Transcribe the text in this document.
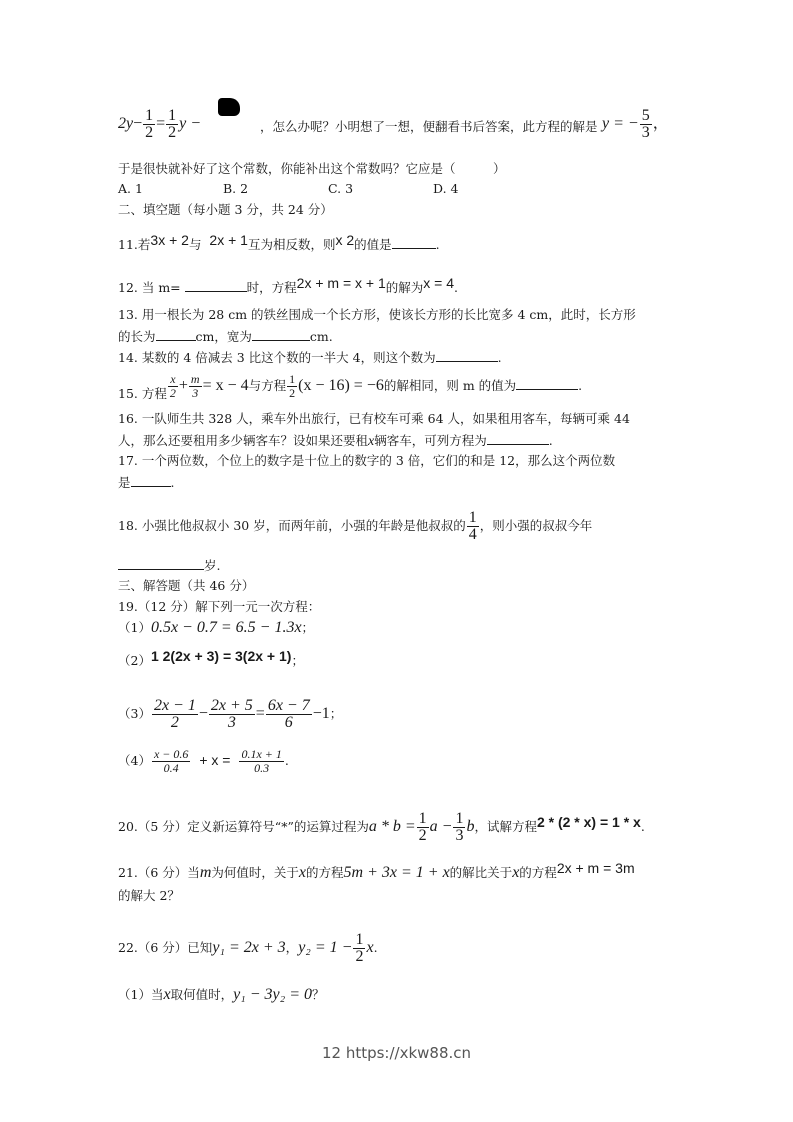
$2y- \frac{1}{2} = \frac{1}{2}$ y −	，怎么办呢？小明想了一想，便翻看书后答案，此方程的解是 y = − $\frac{5}{3}$ ，
于是很快就补好了这个常数，你能补出这个常数吗？它应是（　　　）
A. 1	B. 2	C. 3	D. 4
二、填空题（每小题 3 分，共 24 分）
11.若3x + 2与 2x + 1互为相反数，则x 2的值是	.
12. 当 m=	时，方程2x + m = x + 1的解为x = 4.
13. 用一根长为 28 cm 的铁丝围成一个长方形，使该长方形的长比宽多 4 cm，此时，长方形
的长为	cm，宽为	cm.
14. 某数的 4 倍减去 3 比这个数的一半大 4，则这个数为	.
15. 方程 $\frac{x}{2} + \frac{m}{3} = x - 4$与方程 $\frac{1}{2} (x - 16) = -6$的解相同，则 m 的值为	.
16. 一队师生共 328 人，乘车外出旅行，已有校车可乘 64 人，如果租用客车，每辆可乘 44
人，那么还要租用多少辆客车？设如果还要租x辆客车，可列方程为	.
17. 一个两位数，个位上的数字是十位上的数字的 3 倍，它们的和是 12，那么这个两位数
是	.
18. 小强比他叔叔小 30 岁，而两年前，小强的年龄是他叔叔的 $\frac{1}{4}$ ，则小强的叔叔今年
岁.
三、解答题（共 46 分）
19.（12 分）解下列一元一次方程：
（1）0.5x − 0.7 = 6.5 − 1.3x；
（2）1 2(2x + 3) = 3(2x + 1)；
$(3) \frac{2x - 1}{2} - \frac{2x + 5}{3} = \frac{6x - 7}{6} -1$；
$(4) \frac{x - 0.6}{0.4} + x = \frac{0.1x + 1}{0.3}$ .
20.（5 分）定义新运算符号“*”的运算过程为$a * b = \frac{1}{2}$ $a - \frac{1}{3}$ b，试解方程2 * (2 * x) = 1 * x.
21.（6 分）当m为何值时，关于x的方程5m + 3x = 1 + x的解比关于x的方程2x + m = 3m
的解大 2？
22.（6 分）已知y₁ = 2x + 3，$y_2 = 1 - \frac{1}{2} x$.
（1）当x取何值时，y₁ − 3y₂ = 0？
12 https://xkw88.cn
